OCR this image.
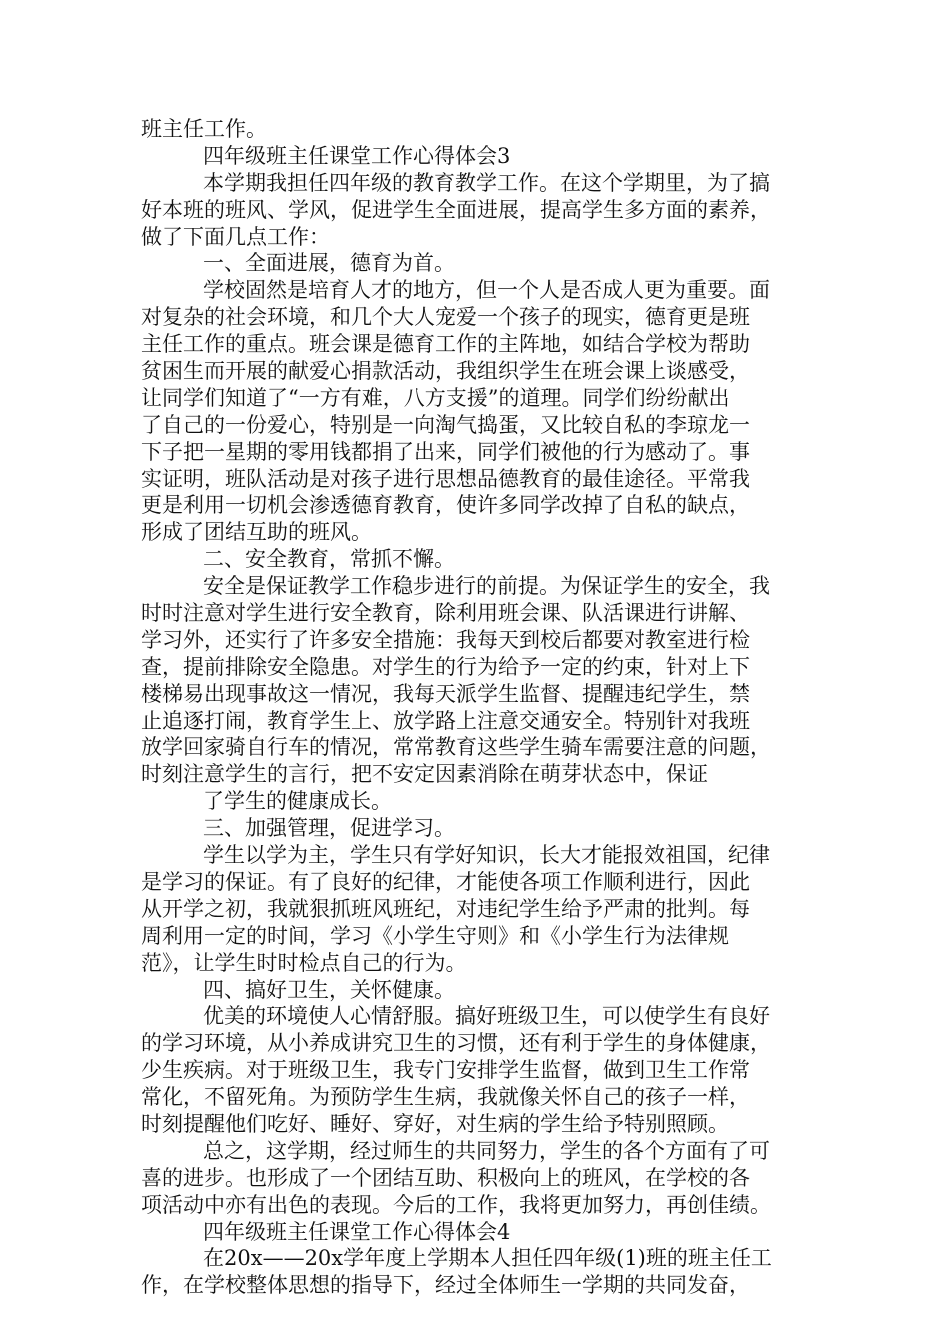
班主任工作。
四年级班主任课堂工作心得体会3
本学期我担任四年级的教育教学工作。在这个学期里，为了搞
好本班的班风、学风，促进学生全面进展，提高学生多方面的素养，
做了下面几点工作：
一、全面进展，德育为首。
学校固然是培育人才的地方，但一个人是否成人更为重要。面
对复杂的社会环境，和几个大人宠爱一个孩子的现实，德育更是班
主任工作的重点。班会课是德育工作的主阵地，如结合学校为帮助
贫困生而开展的献爱心捐款活动，我组织学生在班会课上谈感受，
让同学们知道了“一方有难，八方支援”的道理。同学们纷纷献出
了自己的一份爱心，特别是一向淘气捣蛋，又比较自私的李琼龙一
下子把一星期的零用钱都捐了出来，同学们被他的行为感动了。事
实证明，班队活动是对孩子进行思想品德教育的最佳途径。平常我
更是利用一切机会渗透德育教育，使许多同学改掉了自私的缺点，
形成了团结互助的班风。
二、安全教育，常抓不懈。
安全是保证教学工作稳步进行的前提。为保证学生的安全，我
时时注意对学生进行安全教育，除利用班会课、队活课进行讲解、
学习外，还实行了许多安全措施：我每天到校后都要对教室进行检
查，提前排除安全隐患。对学生的行为给予一定的约束，针对上下
楼梯易出现事故这一情况，我每天派学生监督、提醒违纪学生，禁
止追逐打闹，教育学生上、放学路上注意交通安全。特别针对我班
放学回家骑自行车的情况，常常教育这些学生骑车需要注意的问题，
时刻注意学生的言行，把不安定因素消除在萌芽状态中，保证
了学生的健康成长。
三、加强管理，促进学习。
学生以学为主，学生只有学好知识，长大才能报效祖国，纪律
是学习的保证。有了良好的纪律，才能使各项工作顺利进行，因此
从开学之初，我就狠抓班风班纪，对违纪学生给予严肃的批判。每
周利用一定的时间，学习《小学生守则》和《小学生行为法律规
范》，让学生时时检点自己的行为。
四、搞好卫生，关怀健康。
优美的环境使人心情舒服。搞好班级卫生，可以使学生有良好
的学习环境，从小养成讲究卫生的习惯，还有利于学生的身体健康，
少生疾病。对于班级卫生，我专门安排学生监督，做到卫生工作常
常化，不留死角。为预防学生生病，我就像关怀自己的孩子一样，
时刻提醒他们吃好、睡好、穿好，对生病的学生给予特别照顾。
总之，这学期，经过师生的共同努力，学生的各个方面有了可
喜的进步。也形成了一个团结互助、积极向上的班风，在学校的各
项活动中亦有出色的表现。今后的工作，我将更加努力，再创佳绩。
四年级班主任课堂工作心得体会4
在20x——20x学年度上学期本人担任四年级(1)班的班主任工
作，在学校整体思想的指导下，经过全体师生一学期的共同发奋，
